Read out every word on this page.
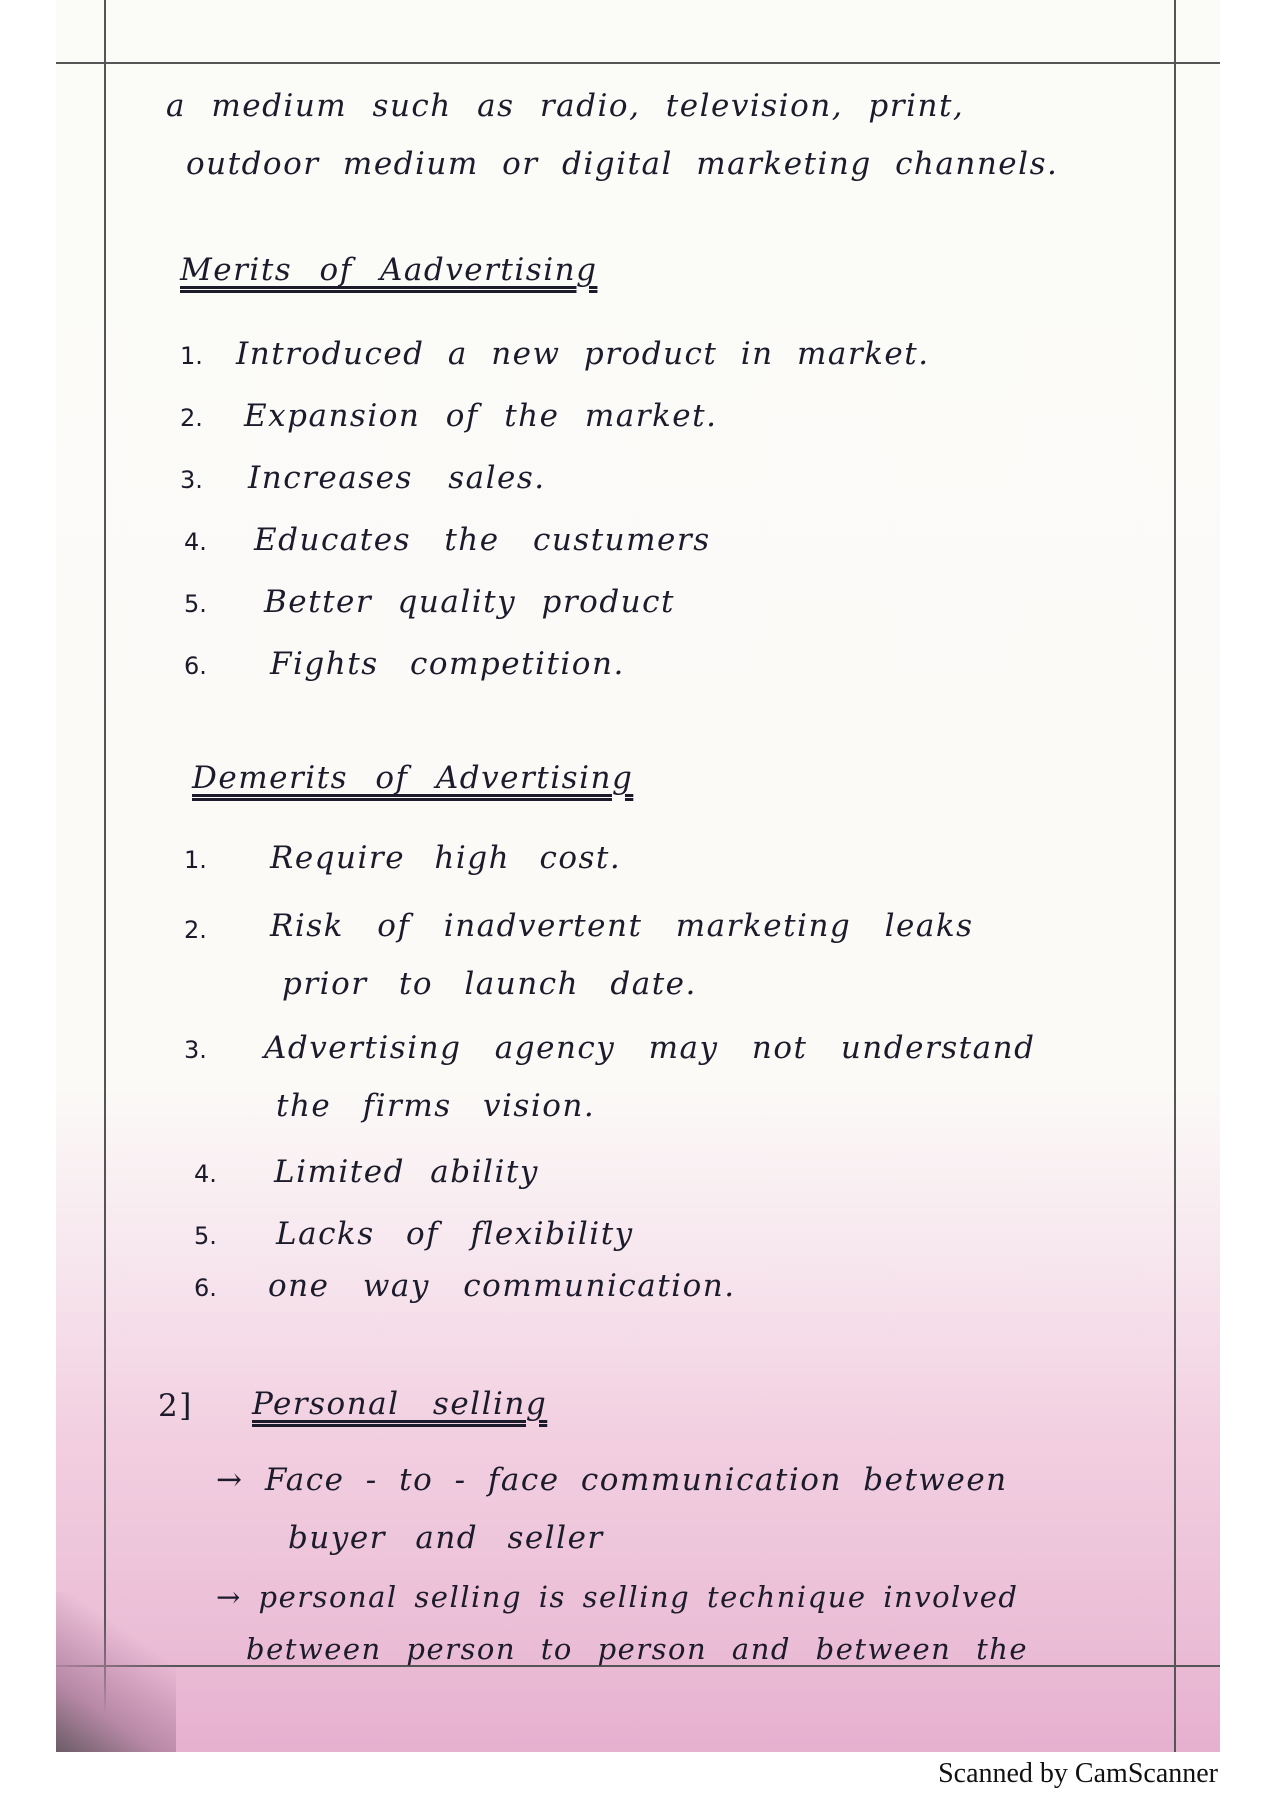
a medium such as radio, television, print,
outdoor medium or digital marketing channels.
Merits of Aadvertising
1. Introduced a new product in market.
2. Expansion of the market.
3. Increases sales.
4. Educates the custumers
5. Better quality product
6. Fights competition.
Demerits of Advertising
1. Require high cost.
2. Risk of inadvertent marketing leaks
prior to launch date.
3. Advertising agency may not understand
the firms vision.
4. Limited ability
5. Lacks of flexibility
6. one way communication.
2] Personal selling
→ Face - to - face communication between
buyer and seller
→ personal selling is selling technique involved
between person to person and between the
Scanned by CamScanner
